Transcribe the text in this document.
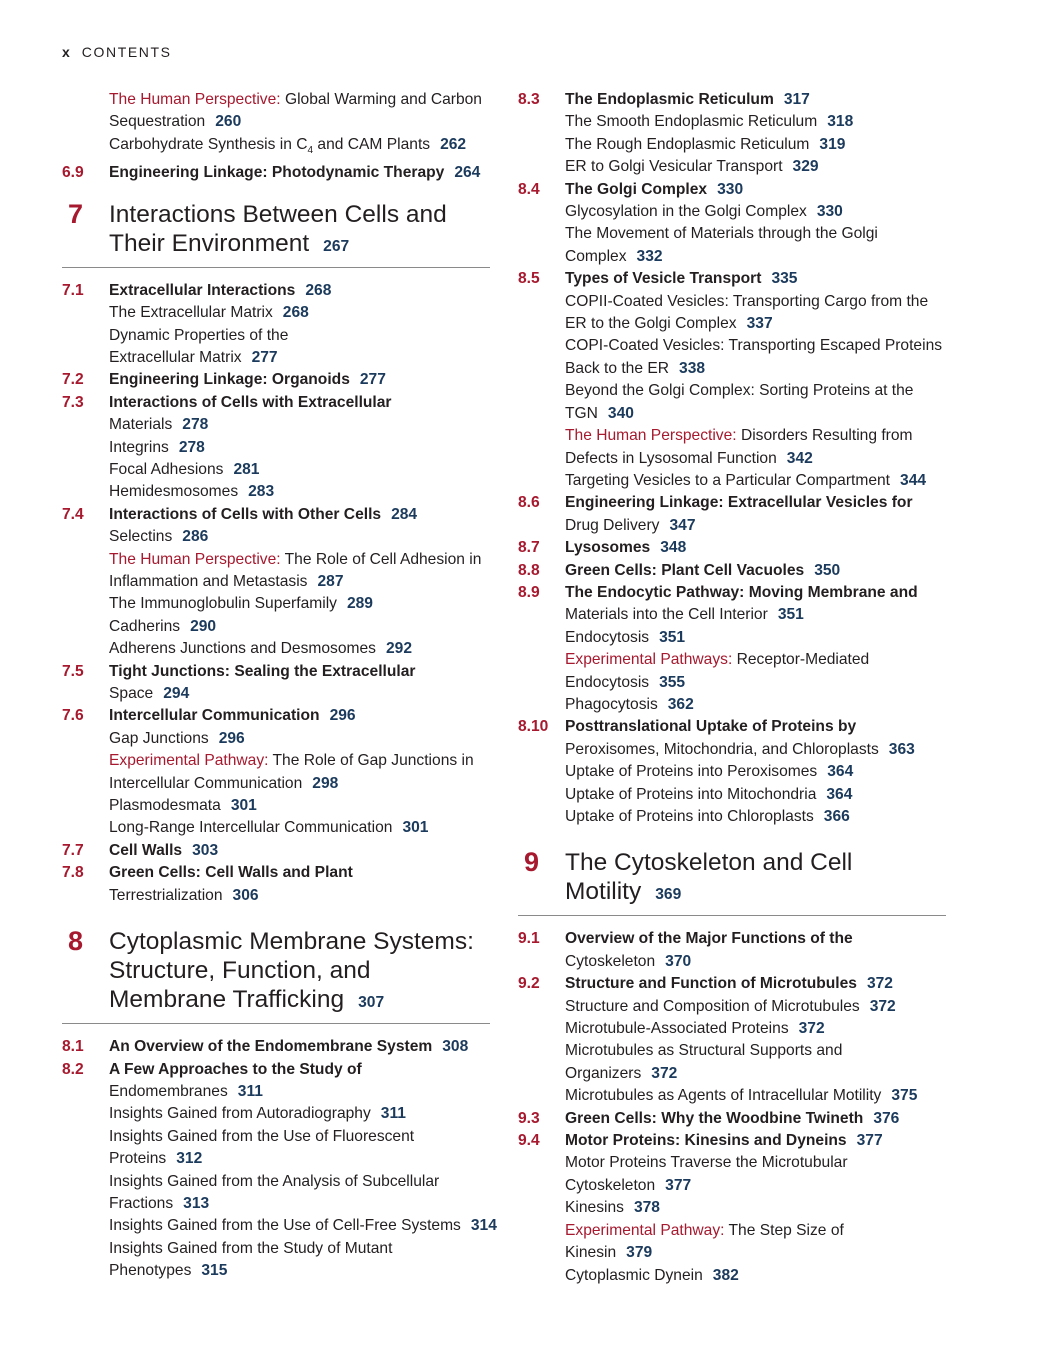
x CONTENTS
The Human Perspective: Global Warming and Carbon
Sequestration 260
Carbohydrate Synthesis in $C_4$ and CAM Plants 262
6.9 Engineering Linkage: Photodynamic Therapy 264
7 Interactions Between Cells and
Their Environment 267
7.1 Extracellular Interactions 268
The Extracellular Matrix 268
Dynamic Properties of the
Extracellular Matrix 277
7.2 Engineering Linkage: Organoids 277
7.3 Interactions of Cells with Extracellular
Materials 278
Integrins 278
Focal Adhesions 281
Hemidesmosomes 283
7.4 Interactions of Cells with Other Cells 284
Selectins 286
The Human Perspective: The Role of Cell Adhesion in
Inflammation and Metastasis 287
The Immunoglobulin Superfamily 289
Cadherins 290
Adherens Junctions and Desmosomes 292
7.5 Tight Junctions: Sealing the Extracellular
Space 294
7.6 Intercellular Communication 296
Gap Junctions 296
Experimental Pathway: The Role of Gap Junctions in
Intercellular Communication 298
Plasmodesmata 301
Long-Range Intercellular Communication 301
7.7 Cell Walls 303
7.8 Green Cells: Cell Walls and Plant
Terrestrialization 306
8 Cytoplasmic Membrane Systems:
Structure, Function, and
Membrane Trafficking 307
8.1 An Overview of the Endomembrane System 308
8.2 A Few Approaches to the Study of
Endomembranes 311
Insights Gained from Autoradiography 311
Insights Gained from the Use of Fluorescent
Proteins 312
Insights Gained from the Analysis of Subcellular
Fractions 313
Insights Gained from the Use of Cell-Free Systems 314
Insights Gained from the Study of Mutant
Phenotypes 315
8.3 The Endoplasmic Reticulum 317
The Smooth Endoplasmic Reticulum 318
The Rough Endoplasmic Reticulum 319
ER to Golgi Vesicular Transport 329
8.4 The Golgi Complex 330
Glycosylation in the Golgi Complex 330
The Movement of Materials through the Golgi
Complex 332
8.5 Types of Vesicle Transport 335
COPII-Coated Vesicles: Transporting Cargo from the
ER to the Golgi Complex 337
COPI-Coated Vesicles: Transporting Escaped Proteins
Back to the ER 338
Beyond the Golgi Complex: Sorting Proteins at the
TGN 340
The Human Perspective: Disorders Resulting from
Defects in Lysosomal Function 342
Targeting Vesicles to a Particular Compartment 344
8.6 Engineering Linkage: Extracellular Vesicles for
Drug Delivery 347
8.7 Lysosomes 348
8.8 Green Cells: Plant Cell Vacuoles 350
8.9 The Endocytic Pathway: Moving Membrane and
Materials into the Cell Interior 351
Endocytosis 351
Experimental Pathways: Receptor-Mediated
Endocytosis 355
Phagocytosis 362
8.10 Posttranslational Uptake of Proteins by
Peroxisomes, Mitochondria, and Chloroplasts 363
Uptake of Proteins into Peroxisomes 364
Uptake of Proteins into Mitochondria 364
Uptake of Proteins into Chloroplasts 366
9 The Cytoskeleton and Cell
Motility 369
9.1 Overview of the Major Functions of the
Cytoskeleton 370
9.2 Structure and Function of Microtubules 372
Structure and Composition of Microtubules 372
Microtubule-Associated Proteins 372
Microtubules as Structural Supports and
Organizers 372
Microtubules as Agents of Intracellular Motility 375
9.3 Green Cells: Why the Woodbine Twineth 376
9.4 Motor Proteins: Kinesins and Dyneins 377
Motor Proteins Traverse the Microtubular
Cytoskeleton 377
Kinesins 378
Experimental Pathway: The Step Size of
Kinesin 379
Cytoplasmic Dynein 382
